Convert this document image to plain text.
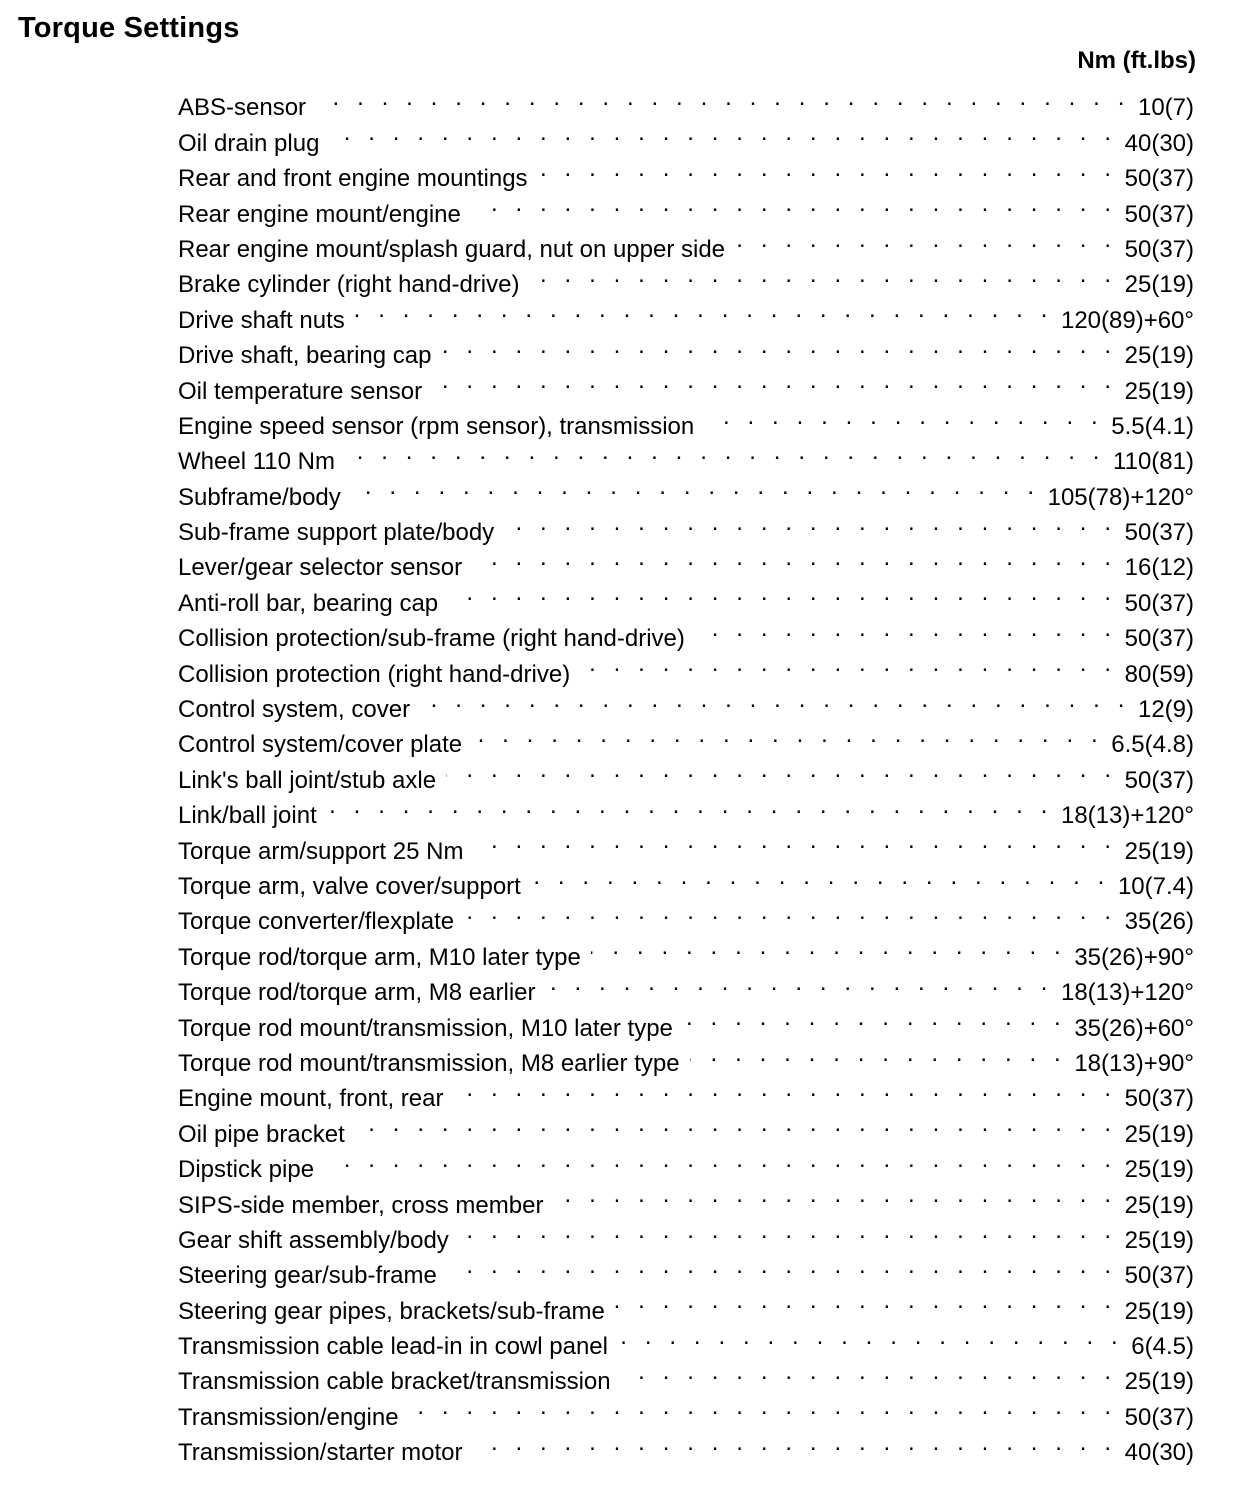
Torque Settings
Nm (ft.lbs)
ABS-sensor . . .	10(7)
Oil drain plug . . .	40(30)
Rear and front engine mountings . . .	50(37)
Rear engine mount/engine . . .	50(37)
Rear engine mount/splash guard, nut on upper side . . .	50(37)
Brake cylinder (right hand-drive) . . .	25(19)
Drive shaft nuts . . .	120(89)+60°
Drive shaft, bearing cap . . .	25(19)
Oil temperature sensor . . .	25(19)
Engine speed sensor (rpm sensor), transmission . . .	5.5(4.1)
Wheel 110 Nm . . .	110(81)
Subframe/body . . .	105(78)+120°
Sub-frame support plate/body . . .	50(37)
Lever/gear selector sensor . . .	16(12)
Anti-roll bar, bearing cap . . .	50(37)
Collision protection/sub-frame (right hand-drive) . . .	50(37)
Collision protection (right hand-drive) . . .	80(59)
Control system, cover . . .	12(9)
Control system/cover plate . . .	6.5(4.8)
Link's ball joint/stub axle . . .	50(37)
Link/ball joint . . .	18(13)+120°
Torque arm/support 25 Nm . . .	25(19)
Torque arm, valve cover/support . . .	10(7.4)
Torque converter/flexplate . . .	35(26)
Torque rod/torque arm, M10 later type . . .	35(26)+90°
Torque rod/torque arm, M8 earlier . . .	18(13)+120°
Torque rod mount/transmission, M10 later type . . .	35(26)+60°
Torque rod mount/transmission, M8 earlier type . . .	18(13)+90°
Engine mount, front, rear . . .	50(37)
Oil pipe bracket . . .	25(19)
Dipstick pipe . . .	25(19)
SIPS-side member, cross member . . .	25(19)
Gear shift assembly/body . . .	25(19)
Steering gear/sub-frame . . .	50(37)
Steering gear pipes, brackets/sub-frame . . .	25(19)
Transmission cable lead-in in cowl panel . . .	6(4.5)
Transmission cable bracket/transmission . . .	25(19)
Transmission/engine . . .	50(37)
Transmission/starter motor . . .	40(30)
